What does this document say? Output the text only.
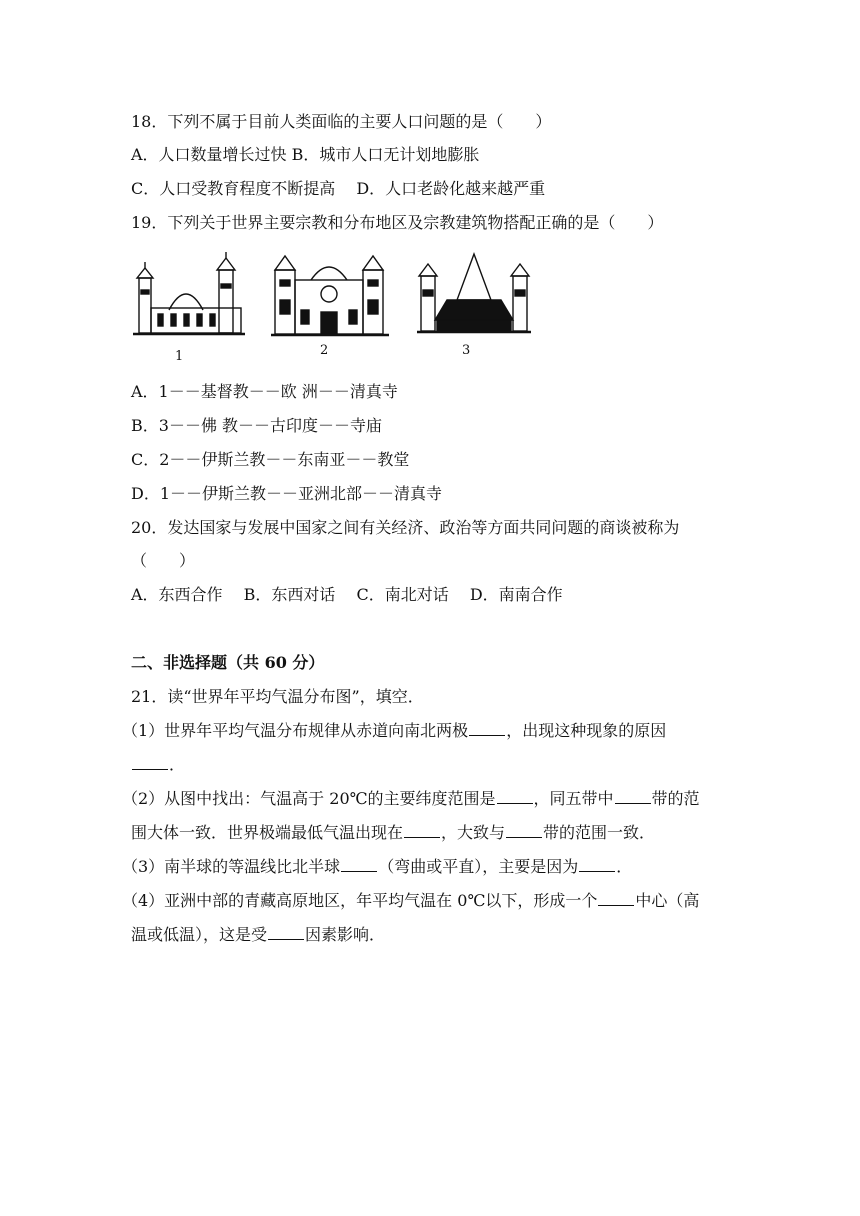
18．下列不属于目前人类面临的主要人口问题的是（　　）
A．人口数量增长过快 B．城市人口无计划地膨胀
C．人口受教育程度不断提高　 D．人口老龄化越来越严重
19．下列关于世界主要宗教和分布地区及宗教建筑物搭配正确的是（　　）
1	2	3
A．1－－基督教－－欧 洲－－清真寺
B．3－－佛 教－－古印度－－寺庙
C．2－－伊斯兰教－－东南亚－－教堂
D．1－－伊斯兰教－－亚洲北部－－清真寺
20．发达国家与发展中国家之间有关经济、政治等方面共同问题的商谈被称为
（　　）
A．东西合作　 B．东西对话　 C．南北对话　 D．南南合作
二、非选择题（共 60 分）
21．读“世界年平均气温分布图”，填空．
（1）世界年平均气温分布规律从赤道向南北两极 ，出现这种现象的原因
．
（2）从图中找出：气温高于 20℃的主要纬度范围是 ，同五带中 带的范
围大体一致．世界极端最低气温出现在 ，大致与 带的范围一致．
（3）南半球的等温线比北半球 （弯曲或平直），主要是因为 ．
（4）亚洲中部的青藏高原地区，年平均气温在 0℃以下，形成一个 中心（高
温或低温），这是受 因素影响．
